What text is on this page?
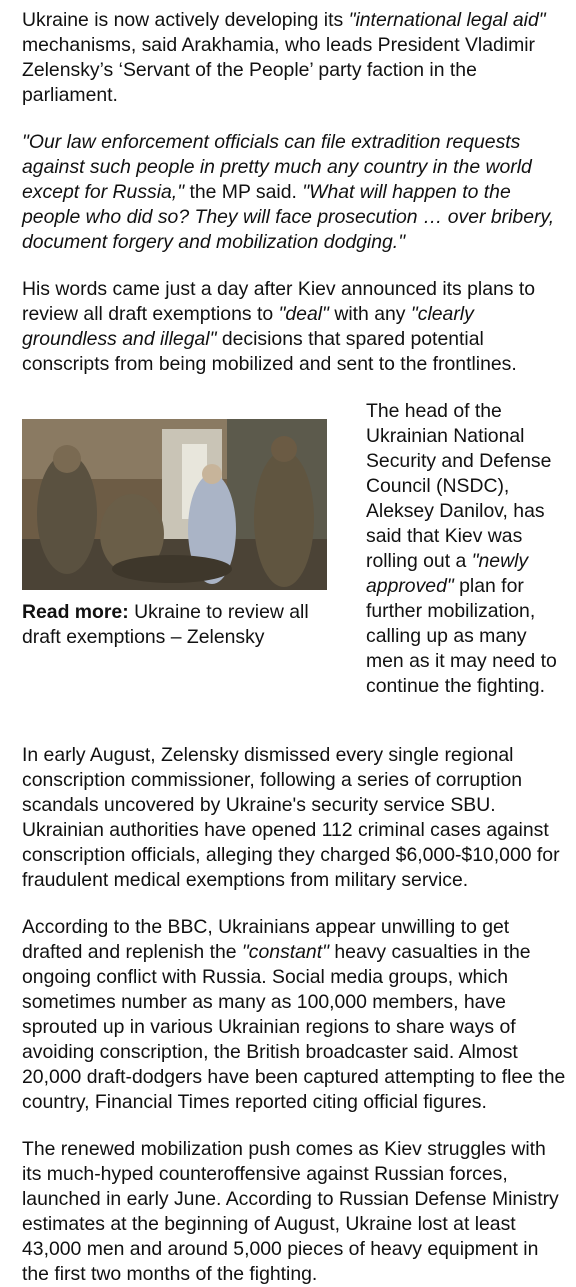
Ukraine is now actively developing its "international legal aid" mechanisms, said Arakhamia, who leads President Vladimir Zelensky’s ‘Servant of the People’ party faction in the parliament.

"Our law enforcement officials can file extradition requests against such people in pretty much any country in the world except for Russia," the MP said. "What will happen to the people who did so? They will face prosecution … over bribery, document forgery and mobilization dodging."

His words came just a day after Kiev announced its plans to review all draft exemptions to "deal" with any "clearly groundless and illegal" decisions that spared potential conscripts from being mobilized and sent to the frontlines.

Read more: Ukraine to review all draft exemptions – Zelensky

The head of the Ukrainian National Security and Defense Council (NSDC), Aleksey Danilov, has said that Kiev was rolling out a "newly approved" plan for further mobilization, calling up as many men as it may need to continue the fighting.

In early August, Zelensky dismissed every single regional conscription commissioner, following a series of corruption scandals uncovered by Ukraine's security service SBU. Ukrainian authorities have opened 112 criminal cases against conscription officials, alleging they charged $6,000-$10,000 for fraudulent medical exemptions from military service.

According to the BBC, Ukrainians appear unwilling to get drafted and replenish the "constant" heavy casualties in the ongoing conflict with Russia. Social media groups, which sometimes number as many as 100,000 members, have sprouted up in various Ukrainian regions to share ways of avoiding conscription, the British broadcaster said. Almost 20,000 draft-dodgers have been captured attempting to flee the country, Financial Times reported citing official figures.

The renewed mobilization push comes as Kiev struggles with its much-hyped counteroffensive against Russian forces, launched in early June. According to Russian Defense Ministry estimates at the beginning of August, Ukraine lost at least 43,000 men and around 5,000 pieces of heavy equipment in the first two months of the fighting.
